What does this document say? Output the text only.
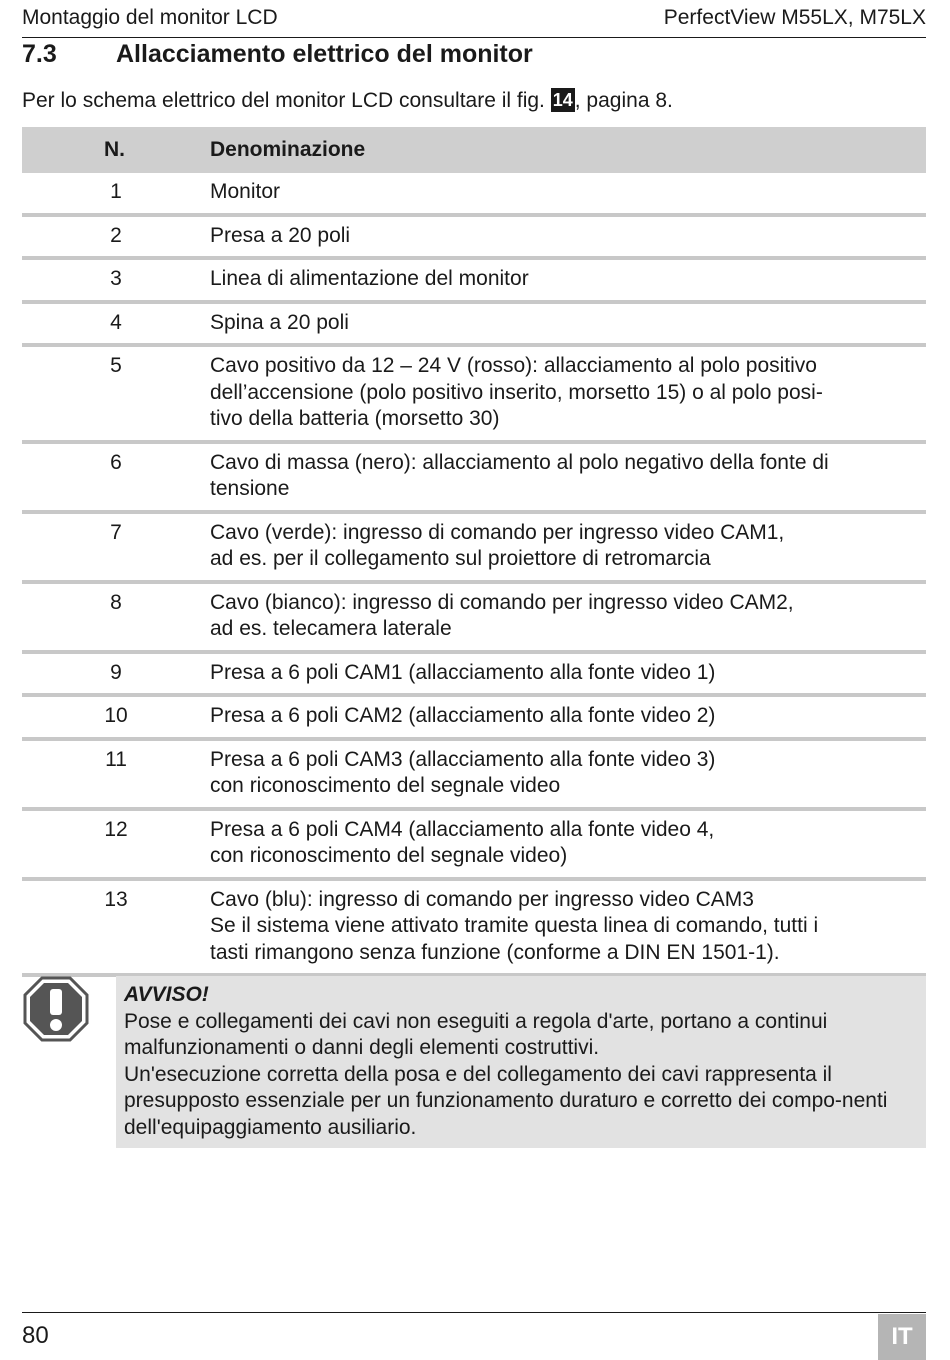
Montaggio del monitor LCD	PerfectView M55LX, M75LX
7.3 Allacciamento elettrico del monitor
Per lo schema elettrico del monitor LCD consultare il fig. 14, pagina 8.
N.	Denominazione
1	Monitor
2	Presa a 20 poli
3	Linea di alimentazione del monitor
4	Spina a 20 poli
5	Cavo positivo da 12 – 24 V (rosso): allacciamento al polo positivo
dell’accensione (polo positivo inserito, morsetto 15) o al polo posi-
tivo della batteria (morsetto 30)
6	Cavo di massa (nero): allacciamento al polo negativo della fonte di
tensione
7	Cavo (verde): ingresso di comando per ingresso video CAM1,
ad es. per il collegamento sul proiettore di retromarcia
8	Cavo (bianco): ingresso di comando per ingresso video CAM2,
ad es. telecamera laterale
9	Presa a 6 poli CAM1 (allacciamento alla fonte video 1)
10	Presa a 6 poli CAM2 (allacciamento alla fonte video 2)
11	Presa a 6 poli CAM3 (allacciamento alla fonte video 3)
con riconoscimento del segnale video
12	Presa a 6 poli CAM4 (allacciamento alla fonte video 4,
con riconoscimento del segnale video)
13	Cavo (blu): ingresso di comando per ingresso video CAM3
Se il sistema viene attivato tramite questa linea di comando, tutti i
tasti rimangono senza funzione (conforme a DIN EN 1501-1).
AVVISO!

Pose e collegamenti dei cavi non eseguiti a regola d'arte, portano a continui malfunzionamenti o danni degli elementi costruttivi.

Un'esecuzione corretta della posa e del collegamento dei cavi rappresenta il presupposto essenziale per un funzionamento duraturo e corretto dei compo-nenti dell'equipaggiamento ausiliario.

80	IT
